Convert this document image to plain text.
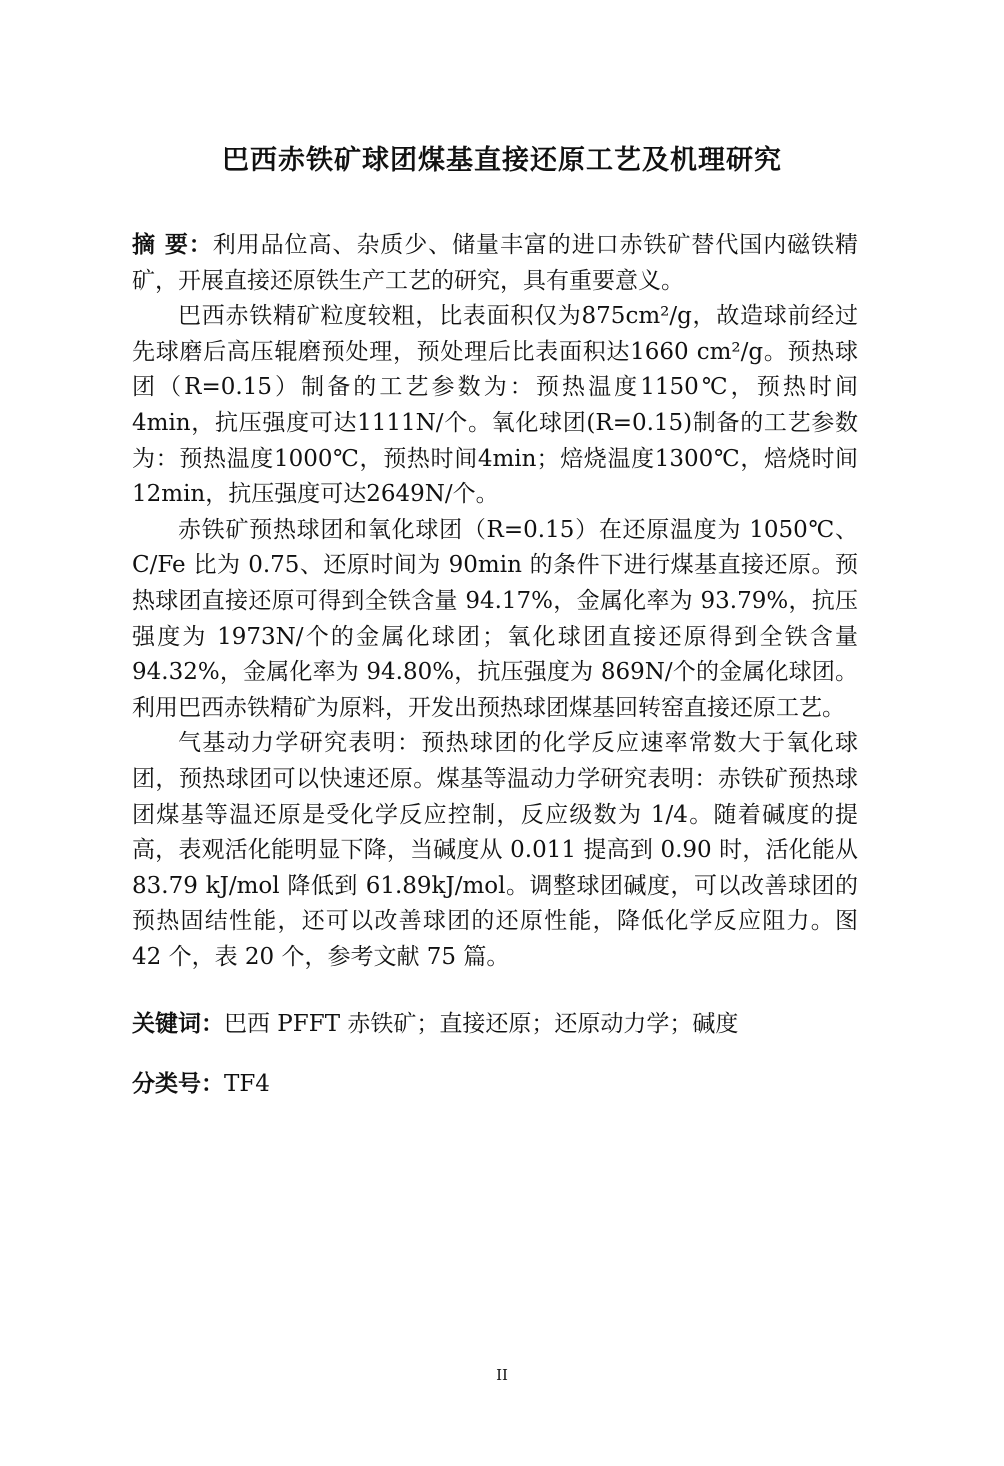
巴西赤铁矿球团煤基直接还原工艺及机理研究

摘 要：利用品位高、杂质少、储量丰富的进口赤铁矿替代国内磁铁精矿，开展直接还原铁生产工艺的研究，具有重要意义。

巴西赤铁精矿粒度较粗，比表面积仅为875cm²/g，故造球前经过先球磨后高压辊磨预处理，预处理后比表面积达1660 cm²/g。预热球团（R=0.15）制备的工艺参数为：预热温度1150℃，预热时间4min，抗压强度可达1111N/个。氧化球团(R=0.15)制备的工艺参数为：预热温度1000℃，预热时间4min；焙烧温度1300℃，焙烧时间12min，抗压强度可达2649N/个。

赤铁矿预热球团和氧化球团（R=0.15）在还原温度为 1050℃、C/Fe 比为 0.75、还原时间为 90min 的条件下进行煤基直接还原。预热球团直接还原可得到全铁含量 94.17%，金属化率为 93.79%，抗压强度为 1973N/个的金属化球团；氧化球团直接还原得到全铁含量 94.32%，金属化率为 94.80%，抗压强度为 869N/个的金属化球团。利用巴西赤铁精矿为原料，开发出预热球团煤基回转窑直接还原工艺。

气基动力学研究表明：预热球团的化学反应速率常数大于氧化球团，预热球团可以快速还原。煤基等温动力学研究表明：赤铁矿预热球团煤基等温还原是受化学反应控制，反应级数为 1/4。随着碱度的提高，表观活化能明显下降，当碱度从 0.011 提高到 0.90 时，活化能从 83.79 kJ/mol 降低到 61.89kJ/mol。调整球团碱度，可以改善球团的预热固结性能，还可以改善球团的还原性能，降低化学反应阻力。图 42 个，表 20 个，参考文献 75 篇。

关键词：巴西 PFFT 赤铁矿；直接还原；还原动力学；碱度
分类号：TF4
II
